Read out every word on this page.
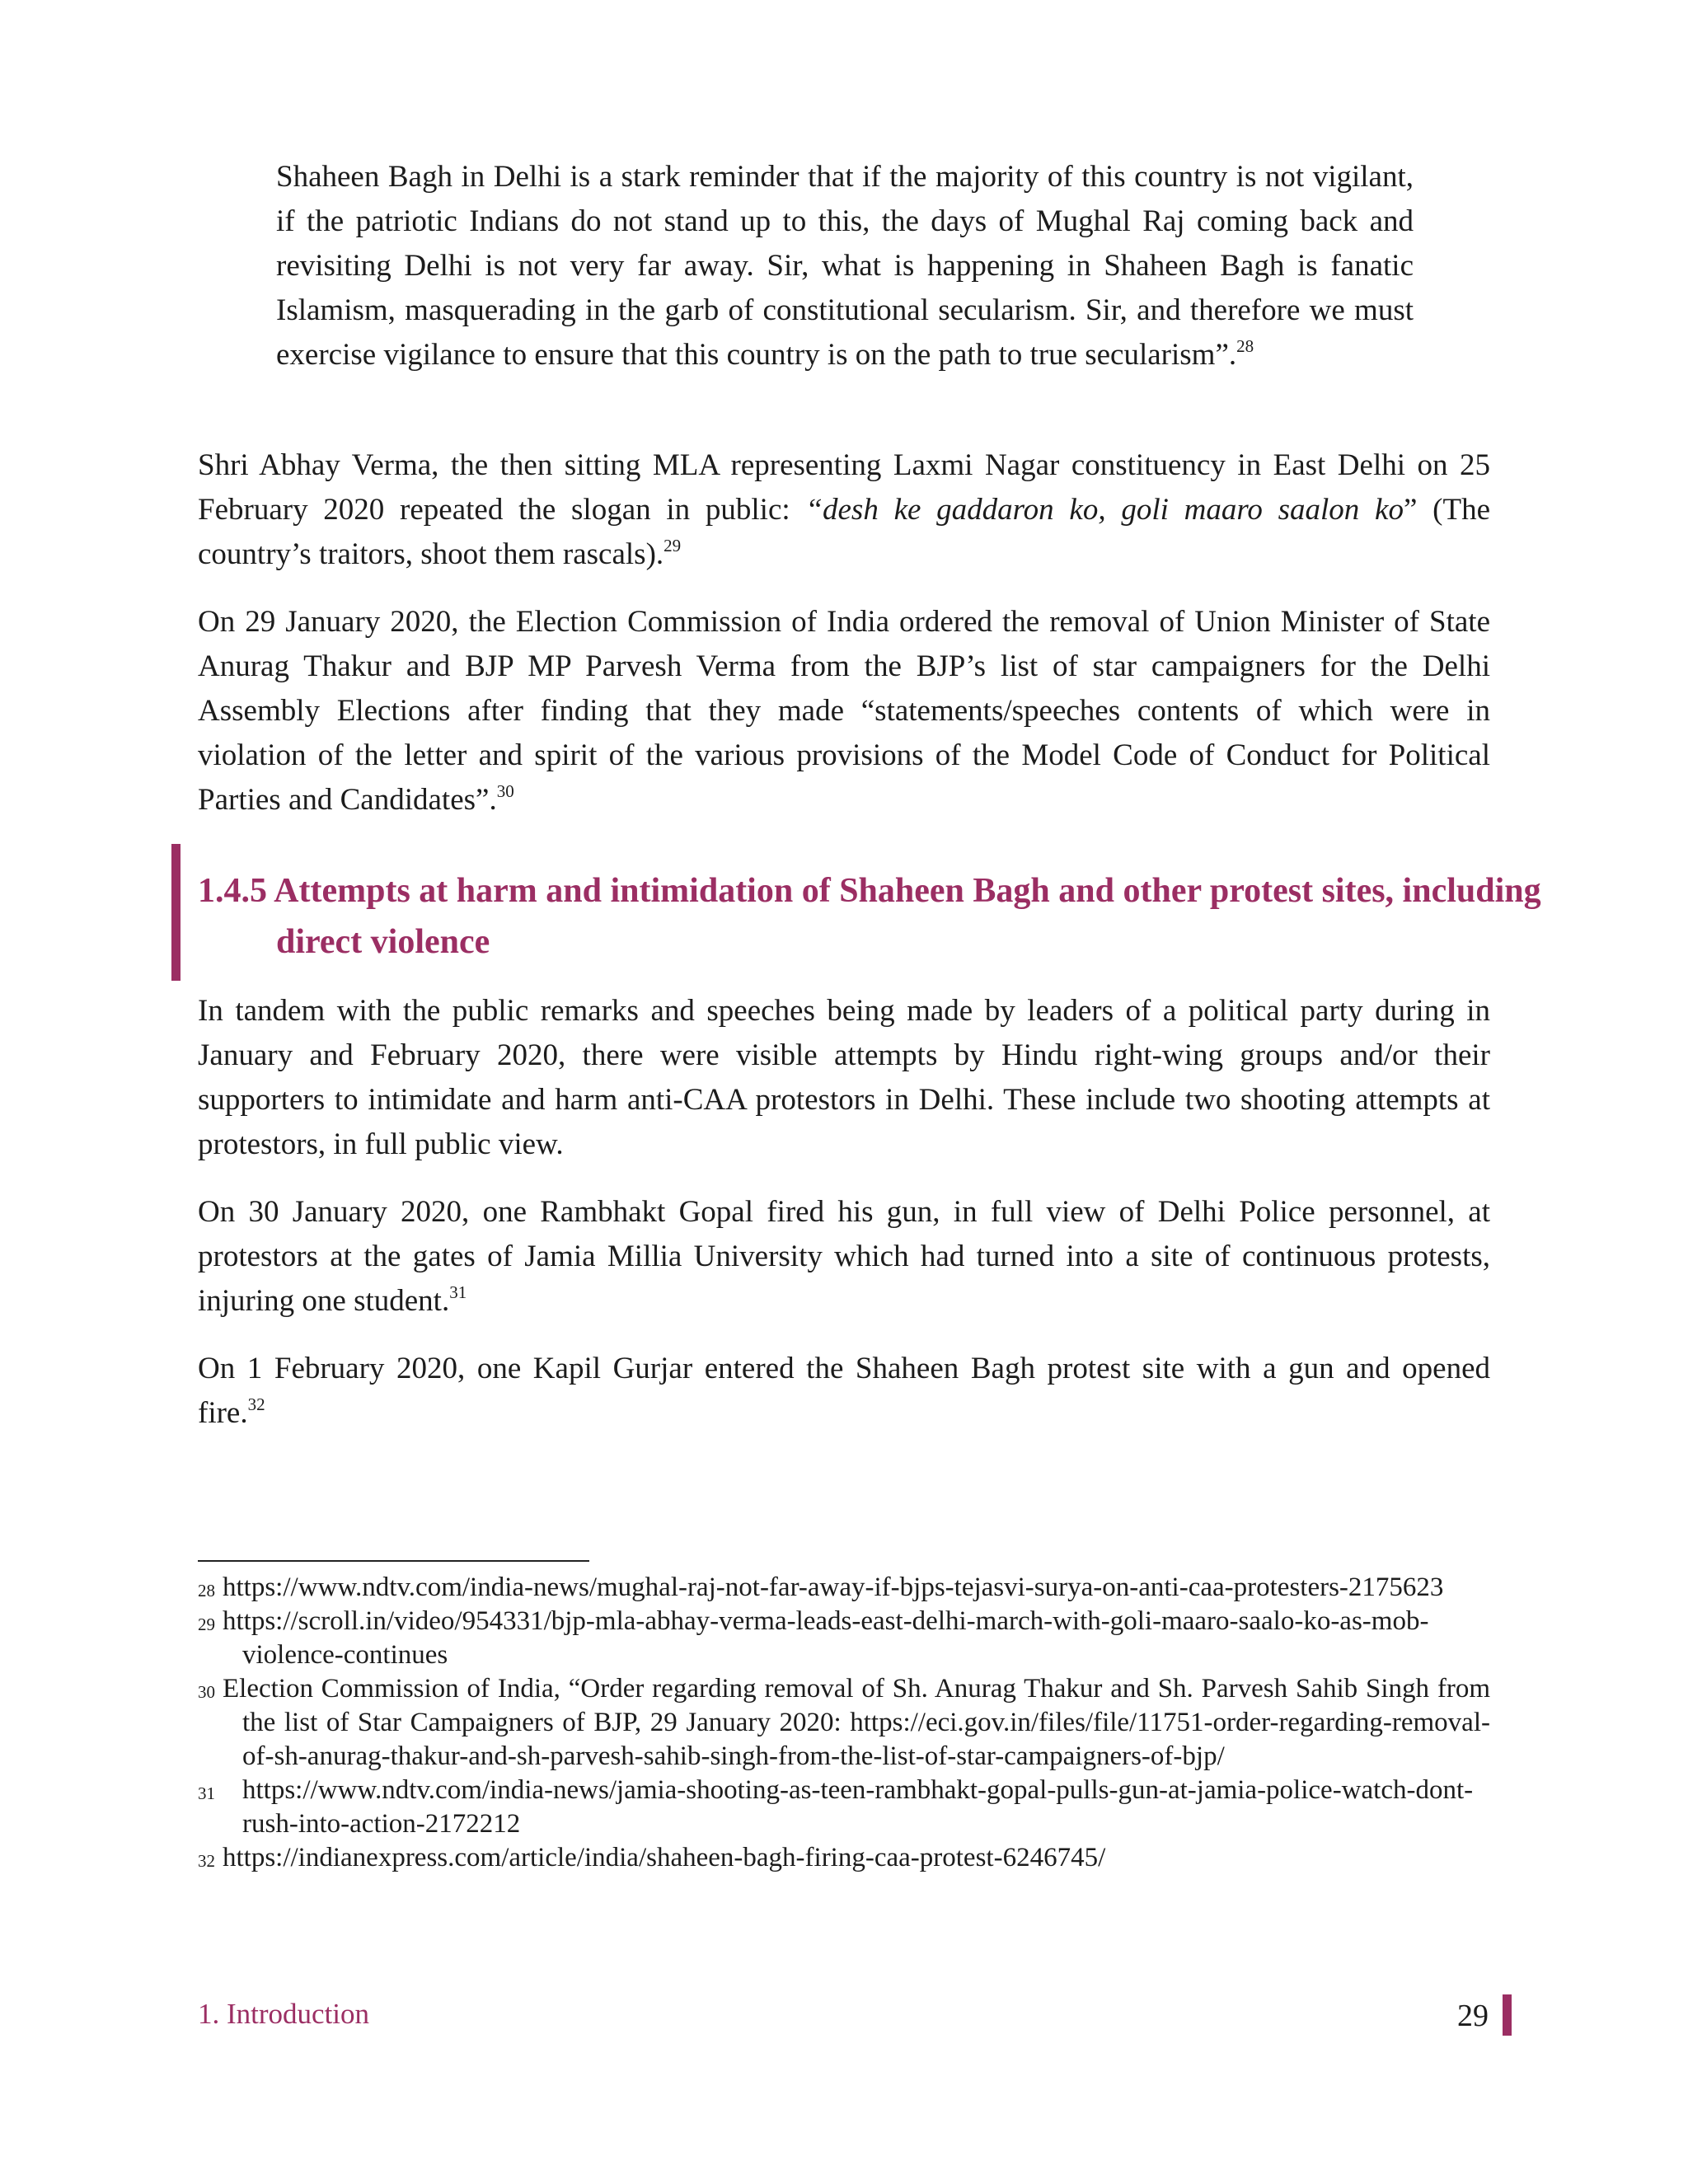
Shaheen Bagh in Delhi is a stark reminder that if the majority of this country is not vigilant, if the patriotic Indians do not stand up to this, the days of Mughal Raj coming back and revisiting Delhi is not very far away. Sir, what is happening in Shaheen Bagh is fanatic Islamism, masquerading in the garb of constitutional secularism. Sir, and therefore we must exercise vigilance to ensure that this country is on the path to true secularism”.$^{28}$

Shri Abhay Verma, the then sitting MLA representing Laxmi Nagar constituency in East Delhi on 25 February 2020 repeated the slogan in public: “desh ke gaddaron ko, goli maaro saalon ko” (The country’s traitors, shoot them rascals).$^{29}$

On 29 January 2020, the Election Commission of India ordered the removal of Union Minister of State Anurag Thakur and BJP MP Parvesh Verma from the BJP’s list of star campaigners for the Delhi Assembly Elections after finding that they made “statements/speeches contents of which were in violation of the letter and spirit of the various provisions of the Model Code of Conduct for Political Parties and Candidates”.$^{30}$

1.4.5 Attempts at harm and intimidation of Shaheen Bagh and other protest sites, including direct violence

In tandem with the public remarks and speeches being made by leaders of a political party during in January and February 2020, there were visible attempts by Hindu right-wing groups and/or their supporters to intimidate and harm anti-CAA protestors in Delhi. These include two shooting attempts at protestors, in full public view.

On 30 January 2020, one Rambhakt Gopal fired his gun, in full view of Delhi Police personnel, at protestors at the gates of Jamia Millia University which had turned into a site of continuous protests, injuring one student.$^{31}$

On 1 February 2020, one Kapil Gurjar entered the Shaheen Bagh protest site with a gun and opened fire.$^{32}$

28 https://www.ndtv.com/india-news/mughal-raj-not-far-away-if-bjps-tejasvi-surya-on-anti-caa-protesters-2175623

29 https://scroll.in/video/954331/bjp-mla-abhay-verma-leads-east-delhi-march-with-goli-maaro-saalo-ko-as-mob-violence-continues

30 Election Commission of India, “Order regarding removal of Sh. Anurag Thakur and Sh. Parvesh Sahib Singh from the list of Star Campaigners of BJP, 29 January 2020: https://eci.gov.in/files/file/11751-order-regarding-removal-of-sh-anurag-thakur-and-sh-parvesh-sahib-singh-from-the-list-of-star-campaigners-of-bjp/

31 https://www.ndtv.com/india-news/jamia-shooting-as-teen-rambhakt-gopal-pulls-gun-at-jamia-police-watch-dont-rush-into-action-2172212

32 https://indianexpress.com/article/india/shaheen-bagh-firing-caa-protest-6246745/

1. Introduction	29
